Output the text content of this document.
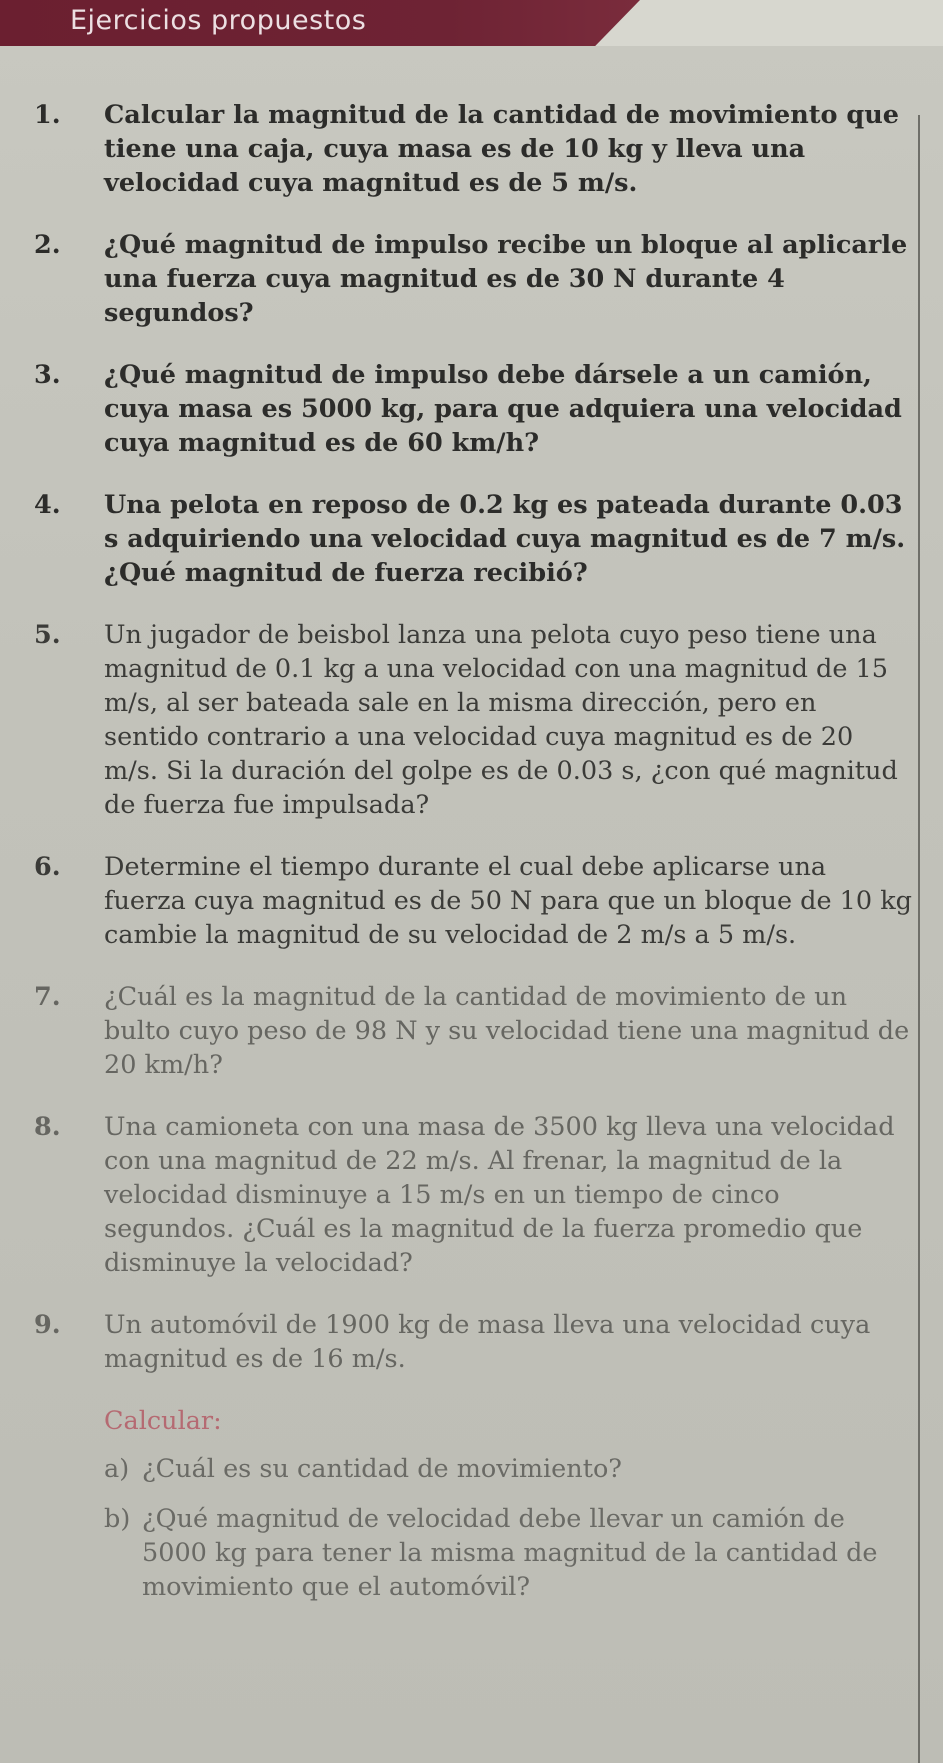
Ejercicios propuestos
1. Calcular la magnitud de la cantidad de movimiento que tiene una caja, cuya masa es de 10 kg y lleva una velocidad cuya magnitud es de 5 m/s.
2. ¿Qué magnitud de impulso recibe un bloque al aplicarle una fuerza cuya magnitud es de 30 N durante 4 segundos?
3. ¿Qué magnitud de impulso debe dársele a un camión, cuya masa es 5000 kg, para que adquiera una velocidad cuya magnitud es de 60 km/h?
4. Una pelota en reposo de 0.2 kg es pateada durante 0.03 s adquiriendo una velocidad cuya magnitud es de 7 m/s. ¿Qué magnitud de fuerza recibió?
5. Un jugador de beisbol lanza una pelota cuyo peso tiene una magnitud de 0.1 kg a una velocidad con una magnitud de 15 m/s, al ser bateada sale en la misma dirección, pero en sentido contrario a una velocidad cuya magnitud es de 20 m/s. Si la duración del golpe es de 0.03 s, ¿con qué magnitud de fuerza fue impulsada?
6. Determine el tiempo durante el cual debe aplicarse una fuerza cuya magnitud es de 50 N para que un bloque de 10 kg cambie la magnitud de su velocidad de 2 m/s a 5 m/s.
7. ¿Cuál es la magnitud de la cantidad de movimiento de un bulto cuyo peso de 98 N y su velocidad tiene una magnitud de 20 km/h?
8. Una camioneta con una masa de 3500 kg lleva una velocidad con una magnitud de 22 m/s. Al frenar, la magnitud de la velocidad disminuye a 15 m/s en un tiempo de cinco segundos. ¿Cuál es la magnitud de la fuerza promedio que disminuye la velocidad?
9. Un automóvil de 1900 kg de masa lleva una velocidad cuya magnitud es de 16 m/s.
Calcular:
a) ¿Cuál es su cantidad de movimiento?
b) ¿Qué magnitud de velocidad debe llevar un camión de 5000 kg para tener la misma magnitud de la cantidad de movimiento que el automóvil?
